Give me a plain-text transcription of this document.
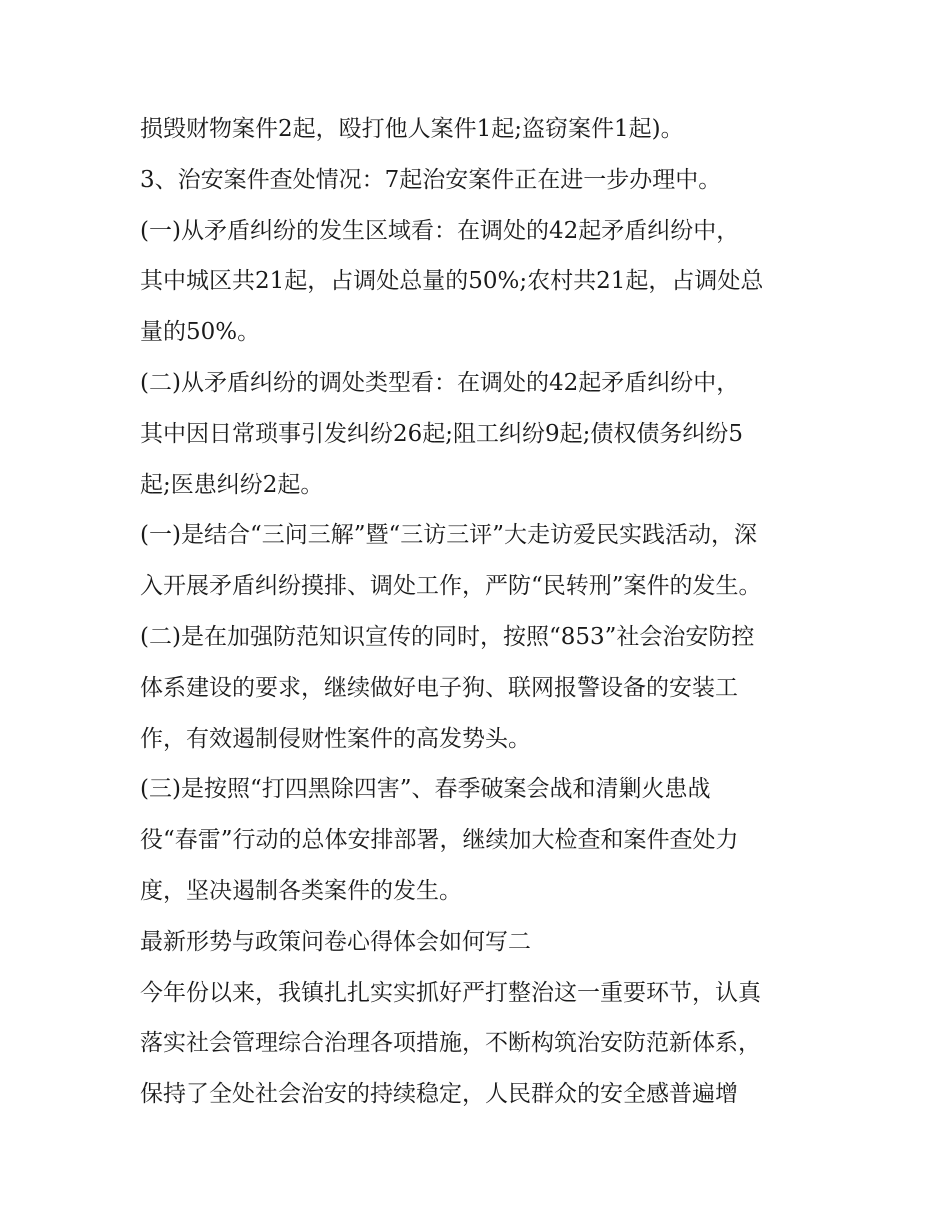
损毁财物案件2起，殴打他人案件1起;盗窃案件1起)。
3、治安案件查处情况：7起治安案件正在进一步办理中。
(一)从矛盾纠纷的发生区域看：在调处的42起矛盾纠纷中，
其中城区共21起，占调处总量的50%;农村共21起，占调处总
量的50%。
(二)从矛盾纠纷的调处类型看：在调处的42起矛盾纠纷中，
其中因日常琐事引发纠纷26起;阻工纠纷9起;债权债务纠纷5
起;医患纠纷2起。
(一)是结合“三问三解”暨“三访三评”大走访爱民实践活动，深
入开展矛盾纠纷摸排、调处工作，严防“民转刑”案件的发生。
(二)是在加强防范知识宣传的同时，按照“853”社会治安防控
体系建设的要求，继续做好电子狗、联网报警设备的安装工
作，有效遏制侵财性案件的高发势头。
(三)是按照“打四黑除四害”、春季破案会战和清剿火患战
役“春雷”行动的总体安排部署，继续加大检查和案件查处力
度，坚决遏制各类案件的发生。
最新形势与政策问卷心得体会如何写二
今年份以来，我镇扎扎实实抓好严打整治这一重要环节，认真
落实社会管理综合治理各项措施，不断构筑治安防范新体系，
保持了全处社会治安的持续稳定，人民群众的安全感普遍增
